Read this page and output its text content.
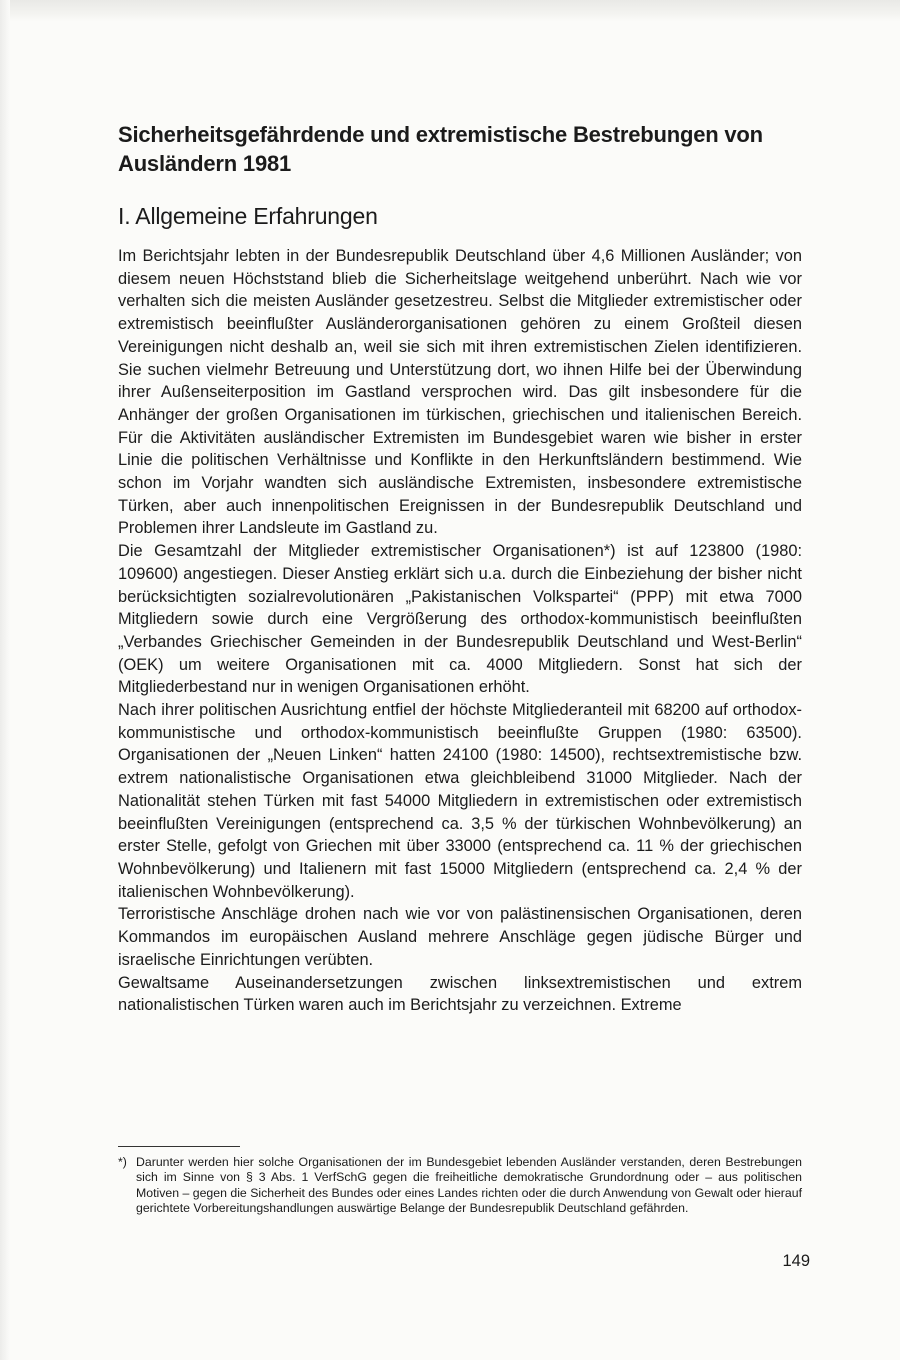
Sicherheitsgefährdende und extremistische Bestrebungen von Ausländern 1981
I. Allgemeine Erfahrungen

Im Berichtsjahr lebten in der Bundesrepublik Deutschland über 4,6 Millionen Ausländer; von diesem neuen Höchststand blieb die Sicherheitslage weitgehend unberührt. Nach wie vor verhalten sich die meisten Ausländer gesetzestreu. Selbst die Mitglieder extremistischer oder extremistisch beeinflußter Ausländerorganisationen gehören zu einem Großteil diesen Vereinigungen nicht deshalb an, weil sie sich mit ihren extremistischen Zielen identifizieren. Sie suchen vielmehr Betreuung und Unterstützung dort, wo ihnen Hilfe bei der Überwindung ihrer Außenseiterposition im Gastland versprochen wird. Das gilt insbesondere für die Anhänger der großen Organisationen im türkischen, griechischen und italienischen Bereich. Für die Aktivitäten ausländischer Extremisten im Bundesgebiet waren wie bisher in erster Linie die politischen Verhältnisse und Konflikte in den Herkunftsländern bestimmend. Wie schon im Vorjahr wandten sich ausländische Extremisten, insbesondere extremistische Türken, aber auch innenpolitischen Ereignissen in der Bundesrepublik Deutschland und Problemen ihrer Landsleute im Gastland zu.

Die Gesamtzahl der Mitglieder extremistischer Organisationen*) ist auf 123800 (1980: 109600) angestiegen. Dieser Anstieg erklärt sich u.a. durch die Einbeziehung der bisher nicht berücksichtigten sozialrevolutionären „Pakistanischen Volkspartei“ (PPP) mit etwa 7000 Mitgliedern sowie durch eine Vergrößerung des orthodox-kommunistisch beeinflußten „Verbandes Griechischer Gemeinden in der Bundesrepublik Deutschland und West-Berlin“ (OEK) um weitere Organisationen mit ca. 4000 Mitgliedern. Sonst hat sich der Mitgliederbestand nur in wenigen Organisationen erhöht.

Nach ihrer politischen Ausrichtung entfiel der höchste Mitgliederanteil mit 68200 auf orthodox-kommunistische und orthodox-kommunistisch beeinflußte Gruppen (1980: 63500). Organisationen der „Neuen Linken“ hatten 24100 (1980: 14500), rechtsextremistische bzw. extrem nationalistische Organisationen etwa gleichbleibend 31000 Mitglieder. Nach der Nationalität stehen Türken mit fast 54000 Mitgliedern in extremistischen oder extremistisch beeinflußten Vereinigungen (entsprechend ca. 3,5 % der türkischen Wohnbevölkerung) an erster Stelle, gefolgt von Griechen mit über 33000 (entsprechend ca. 11 % der griechischen Wohnbevölkerung) und Italienern mit fast 15000 Mitgliedern (entsprechend ca. 2,4 % der italienischen Wohnbevölkerung).

Terroristische Anschläge drohen nach wie vor von palästinensischen Organisationen, deren Kommandos im europäischen Ausland mehrere Anschläge gegen jüdische Bürger und israelische Einrichtungen verübten.

Gewaltsame Auseinandersetzungen zwischen linksextremistischen und extrem nationalistischen Türken waren auch im Berichtsjahr zu verzeichnen. Extreme

*) Darunter werden hier solche Organisationen der im Bundesgebiet lebenden Ausländer verstanden, deren Bestrebungen sich im Sinne von § 3 Abs. 1 VerfSchG gegen die freiheitliche demokratische Grundordnung oder – aus politischen Motiven – gegen die Sicherheit des Bundes oder eines Landes richten oder die durch Anwendung von Gewalt oder hierauf gerichtete Vorbereitungshandlungen auswärtige Belange der Bundesrepublik Deutschland gefährden.
149
